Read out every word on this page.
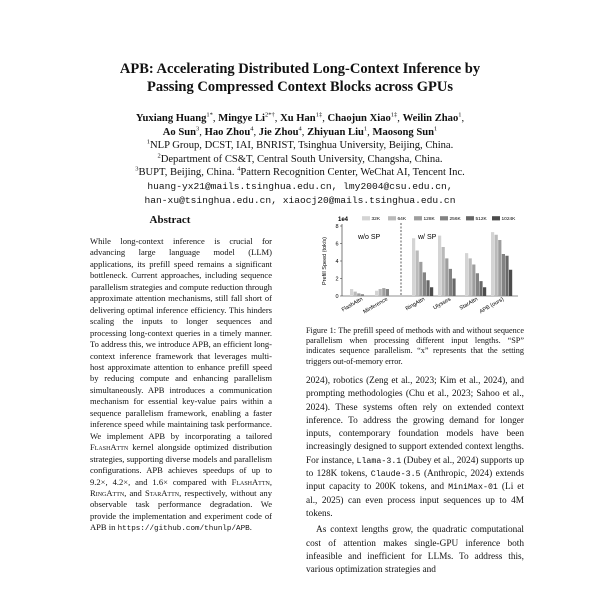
APB: Accelerating Distributed Long-Context Inference by
Passing Compressed Context Blocks across GPUs
Yuxiang Huang$^{1*}$, Mingye $Li^{2*\dagger}$, Xu Han$^{1\ddagger}$, Chaojun Xiao$^{1\ddagger}$, Weilin Zhao$^1$,
Ao Sun$^3$, Hao Zhou$^4$, Jie Zhou$^4$, Zhiyuan Liu$^1$, Maosong Sun$^1$
$^1$NLP Group, DCST, IAI, BNRIST, Tsinghua University, Beijing, China.
$^2$Department of CS&T, Central South University, Changsha, China.
$^3$BUPT, Beijing, China. $^4$Pattern Recognition Center, WeChat AI, Tencent Inc.
huang-yx21@mails.tsinghua.edu.cn, lmy2004@csu.edu.cn,
han-xu@tsinghua.edu.cn, xiaocj20@mails.tsinghua.edu.cn
Abstract
While long-context inference is crucial for advancing large language model (LLM) applications, its prefill speed remains a significant bottleneck. Current approaches, including sequence parallelism strategies and compute reduction through approximate attention mechanisms, still fall short of delivering optimal inference efficiency. This hinders scaling the inputs to longer sequences and processing long-context queries in a timely manner. To address this, we introduce APB, an efficient long-context inference framework that leverages multi-host approximate attention to enhance prefill speed by reducing compute and enhancing parallelism simultaneously. APB introduces a communication mechanism for essential key-value pairs within a sequence parallelism framework, enabling a faster inference speed while maintaining task performance. We implement APB by incorporating a tailored FlashAttn kernel alongside optimized distribution strategies, supporting diverse models and parallelism configurations. APB achieves speedups of up to 9.2×, 4.2×, and 1.6× compared with FlashAttn, RingAttn, and StarAttn, respectively, without any observable task performance degradation. We provide the implementation and experiment code of APB in https://github.com/thunlp/APB.
32K	64K	128K	256K	512K	1024K
1e4
Prefill Speed (tok/s)	w/o SP	w/ SP
0
2
4
6
8
FlashAttn
Minference	RingAttn Ulysses StarAttn APB (ours)
Figure 1: The prefill speed of methods with and without sequence parallelism when processing different input lengths. “SP” indicates sequence parallelism. “x” represents that the setting triggers out-of-memory error.

2024), robotics (Zeng et al., 2023; Kim et al., 2024), and prompting methodologies (Chu et al., 2023; Sahoo et al., 2024). These systems often rely on extended context inference. To address the growing demand for longer inputs, contemporary foundation models have been increasingly designed to support extended context lengths. For instance, Llama-3.1 (Dubey et al., 2024) supports up to 128K tokens, Claude-3.5 (Anthropic, 2024) extends input capacity to 200K tokens, and MiniMax-01 (Li et al., 2025) can even process input sequences up to 4M tokens.

As context lengths grow, the quadratic computational cost of attention makes single-GPU inference both infeasible and inefficient for LLMs. To address this, various optimization strategies and
